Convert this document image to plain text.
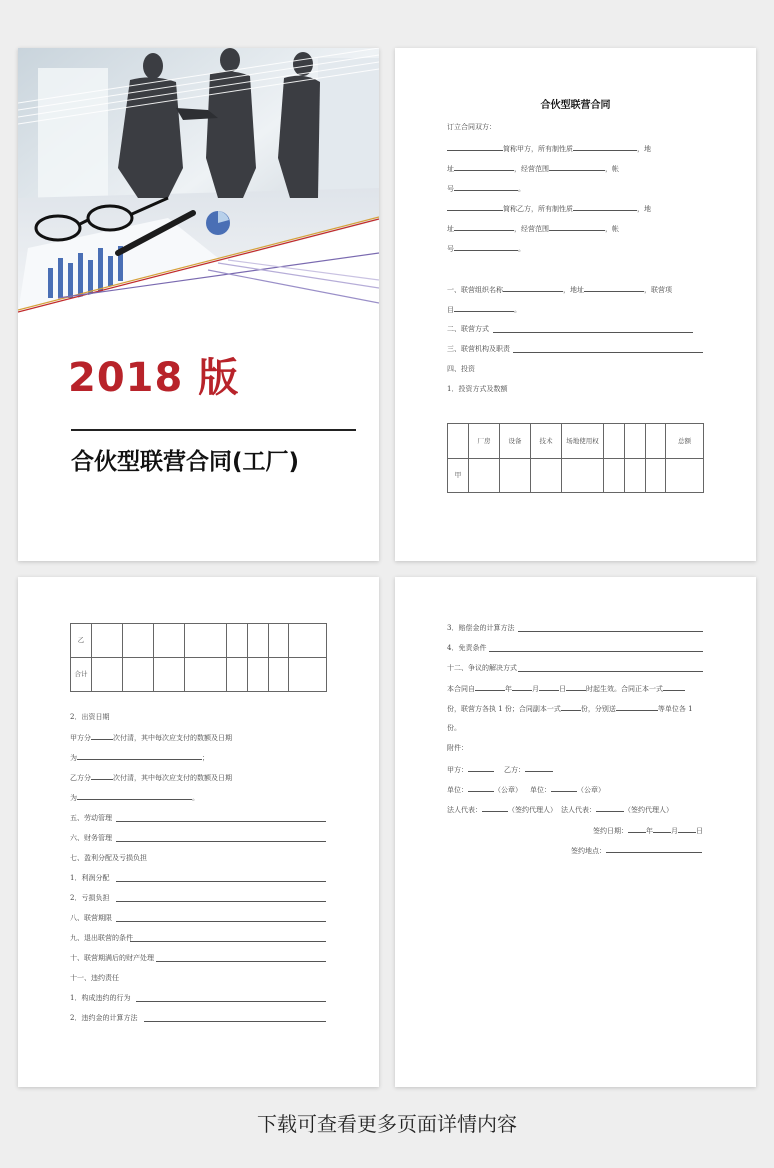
2018 版
合伙型联营合同(工厂)
合伙型联营合同
订立合同双方：
简称甲方，所有制性质	，地
址	，经营范围	，帐
号	。
简称乙方，所有制性质	，地
址	，经营范围	，帐
号	。
一、联营组织名称	，地址	，联营项
目	。
二、联营方式
三、联营机构及职责
四、投资
1．投资方式及数额
	厂房	设备	技术	场地使用权				总额
甲								
乙								
合计								
2．出资日期
甲方分	次付清，其中每次应支付的数额及日期
为	；
乙方分	次付清，其中每次应支付的数额及日期
为	。
五、劳动管理
六、财务管理
七、盈利分配及亏损负担
1．利润分配
2．亏损负担
八、联营期限
九、退出联营的条件
十、联营期满后的财产处理
十一、违约责任
1．构成违约的行为
2．违约金的计算方法
3．赔偿金的计算方法
4．免责条件
十二、争议的解决方式
本合同自	年	月	日	时起生效。合同正本一式
份，联营方各执 1 份；合同副本一式	份，分别送	等单位各 1
份。
附件：
甲方：	乙方：
单位：	（公章） 单位：	（公章）
法人代表：	（签约代理人） 法人代表：	（签约代理人）
签约日期：	年	月	日
签约地点：
下载可查看更多页面详情内容
